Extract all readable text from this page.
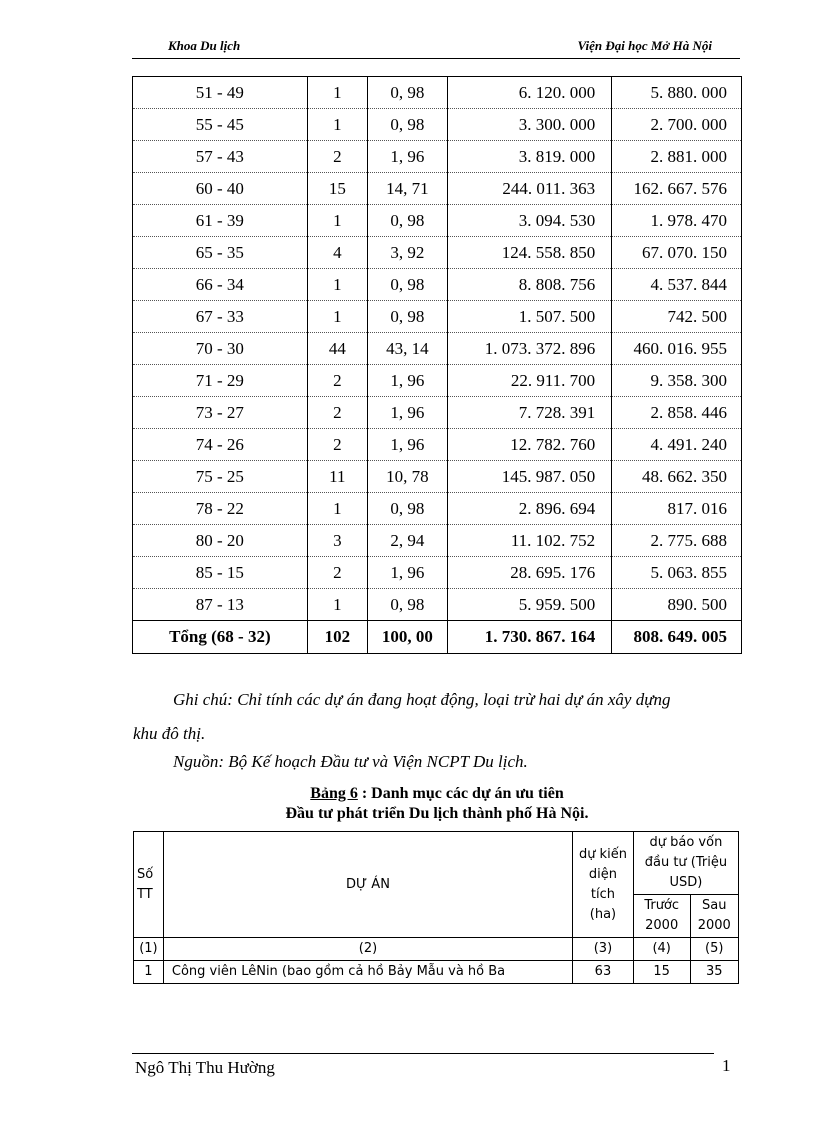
Khoa Du lịch	Viện Đại học Mở Hà Nội
51 - 49	1	0, 98	6. 120. 000	5. 880. 000
55 - 45	1	0, 98	3. 300. 000	2. 700. 000
57 - 43	2	1, 96	3. 819. 000	2. 881. 000
60 - 40	15	14, 71	244. 011. 363	162. 667. 576
61 - 39	1	0, 98	3. 094. 530	1. 978. 470
65 - 35	4	3, 92	124. 558. 850	67. 070. 150
66 - 34	1	0, 98	8. 808. 756	4. 537. 844
67 - 33	1	0, 98	1. 507. 500	742. 500
70 - 30	44	43, 14	1. 073. 372. 896	460. 016. 955
71 - 29	2	1, 96	22. 911. 700	9. 358. 300
73 - 27	2	1, 96	7. 728. 391	2. 858. 446
74 - 26	2	1, 96	12. 782. 760	4. 491. 240
75 - 25	11	10, 78	145. 987. 050	48. 662. 350
78 - 22	1	0, 98	2. 896. 694	817. 016
80 - 20	3	2, 94	11. 102. 752	2. 775. 688
85 - 15	2	1, 96	28. 695. 176	5. 063. 855
87 - 13	1	0, 98	5. 959. 500	890. 500
Tổng (68 - 32)	102	100, 00	1. 730. 867. 164	808. 649. 005
Ghi chú: Chỉ tính các dự án đang hoạt động, loại trừ hai dự án xây dựng
khu đô thị.
Nguồn: Bộ Kế hoạch Đầu tư và Viện NCPT Du lịch.
Bảng 6 : Danh mục các dự án ưu tiên
Đầu tư phát triển Du lịch thành phố Hà Nội.
Số TT	DỰ ÁN	dự kiến diện tích (ha)	dự báo vốn đầu tư (Triệu USD)	
			Trước 2000	Sau 2000
(1)	(2)	(3)	(4)	(5)
1	Công viên LêNin (bao gồm cả hồ Bảy Mẫu và hồ Ba	63	15	35
Ngô Thị Thu Hường	1
